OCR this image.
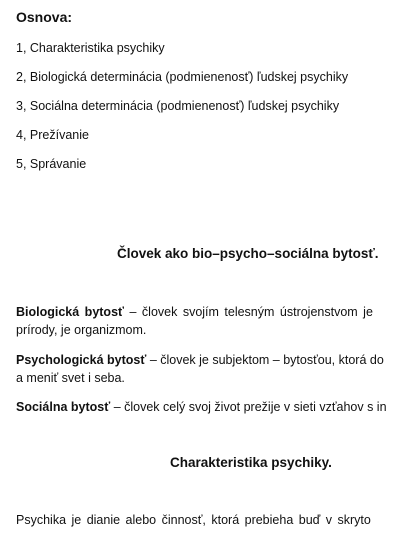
Osnova:
1, Charakteristika psychiky
2, Biologická determinácia (podmienenosť) ľudskej psychiky
3, Sociálna determinácia (podmienenosť) ľudskej psychiky
4, Prežívanie
5, Správanie
Človek ako bio–psycho–sociálna bytosť.
Biologická bytosť – človek svojím telesným ústrojenstvom je
prírody, je organizmom.
Psychologická bytosť – človek je subjektom – bytosťou, ktorá do
a meniť svet i seba.
Sociálna bytosť – človek celý svoj život prežije v sieti vzťahov s in
Charakteristika psychiky.
Psychika je dianie alebo činnosť, ktorá prebieha buď v skryto
